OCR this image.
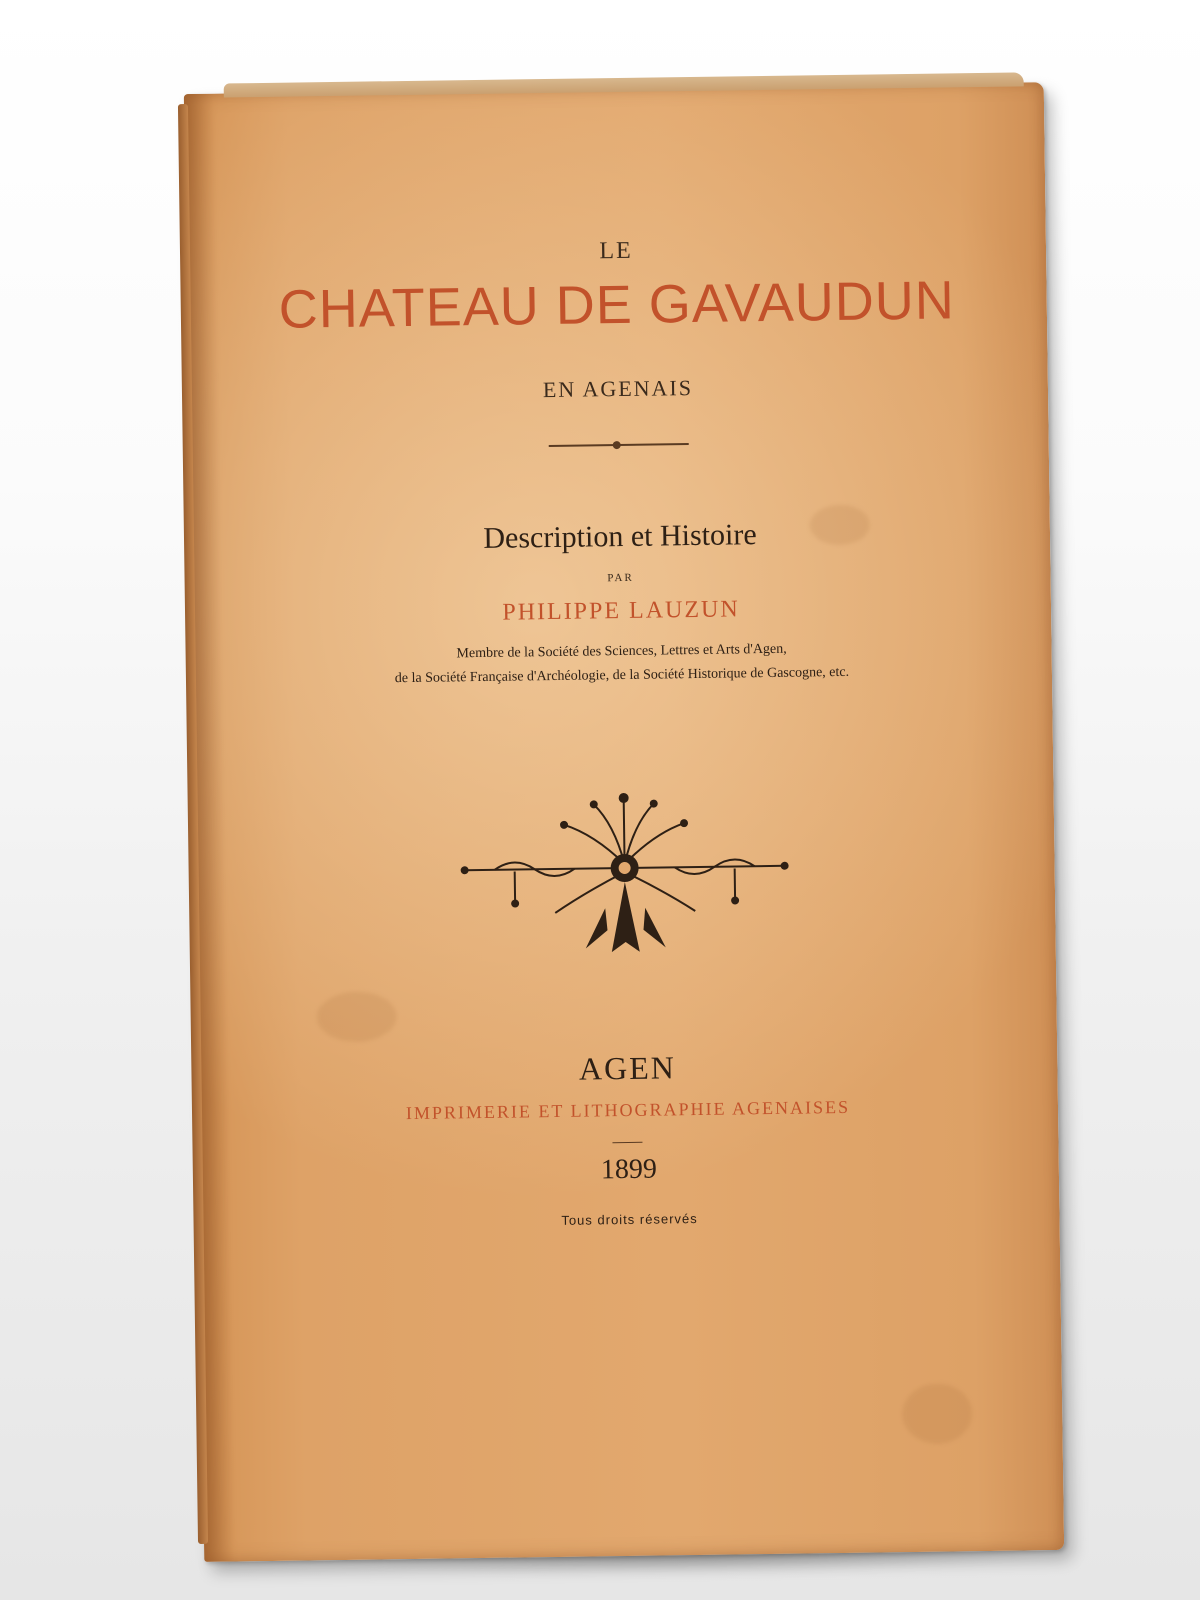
LE
CHATEAU DE GAVAUDUN
EN AGENAIS
Description et Histoire
PAR
PHILIPPE LAUZUN
Membre de la Société des Sciences, Lettres et Arts d'Agen,
de la Société Française d'Archéologie, de la Société Historique de Gascogne, etc.
AGEN
IMPRIMERIE ET LITHOGRAPHIE AGENAISES
1899
Tous droits réservés
